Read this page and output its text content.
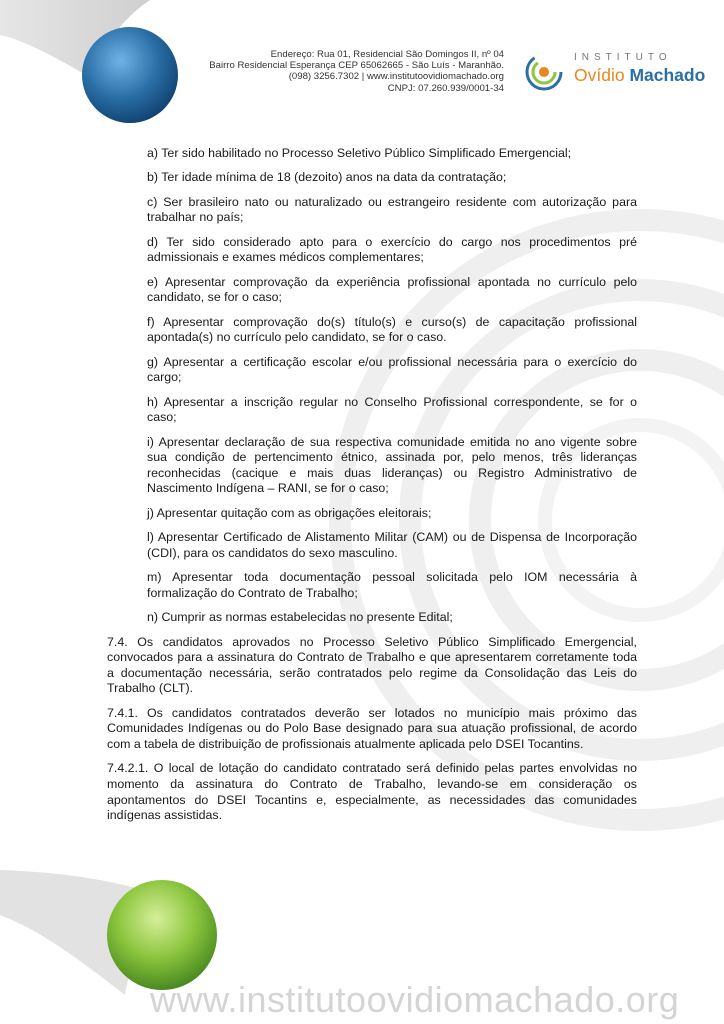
Endereço: Rua 01, Residencial São Domingos II, nº 04
Bairro Residencial Esperança CEP 65062665 - São Luís - Maranhão.
(098) 3256.7302 | www.institutoovidiomachado.org
CNPJ: 07.260.939/0001-34
INSTITUTO
Ovídio Machado

a) Ter sido habilitado no Processo Seletivo Público Simplificado Emergencial;

b) Ter idade mínima de 18 (dezoito) anos na data da contratação;

c) Ser brasileiro nato ou naturalizado ou estrangeiro residente com autorização para trabalhar no país;

d) Ter sido considerado apto para o exercício do cargo nos procedimentos pré admissionais e exames médicos complementares;

e) Apresentar comprovação da experiência profissional apontada no currículo pelo candidato, se for o caso;

f) Apresentar comprovação do(s) título(s) e curso(s) de capacitação profissional apontada(s) no currículo pelo candidato, se for o caso.

g) Apresentar a certificação escolar e/ou profissional necessária para o exercício do cargo;

h) Apresentar a inscrição regular no Conselho Profissional correspondente, se for o caso;

i) Apresentar declaração de sua respectiva comunidade emitida no ano vigente sobre sua condição de pertencimento étnico, assinada por, pelo menos, três lideranças reconhecidas (cacique e mais duas lideranças) ou Registro Administrativo de Nascimento Indígena – RANI, se for o caso;

j) Apresentar quitação com as obrigações eleitorais;

l) Apresentar Certificado de Alistamento Militar (CAM) ou de Dispensa de Incorporação (CDI), para os candidatos do sexo masculino.

m) Apresentar toda documentação pessoal solicitada pelo IOM necessária à formalização do Contrato de Trabalho;

n) Cumprir as normas estabelecidas no presente Edital;

7.4. Os candidatos aprovados no Processo Seletivo Público Simplificado Emergencial, convocados para a assinatura do Contrato de Trabalho e que apresentarem corretamente toda a documentação necessária, serão contratados pelo regime da Consolidação das Leis do Trabalho (CLT).

7.4.1. Os candidatos contratados deverão ser lotados no município mais próximo das Comunidades Indígenas ou do Polo Base designado para sua atuação profissional, de acordo com a tabela de distribuição de profissionais atualmente aplicada pelo DSEI Tocantins.

7.4.2.1. O local de lotação do candidato contratado será definido pelas partes envolvidas no momento da assinatura do Contrato de Trabalho, levando-se em consideração os apontamentos do DSEI Tocantins e, especialmente, as necessidades das comunidades indígenas assistidas.

www.institutoovidiomachado.org
